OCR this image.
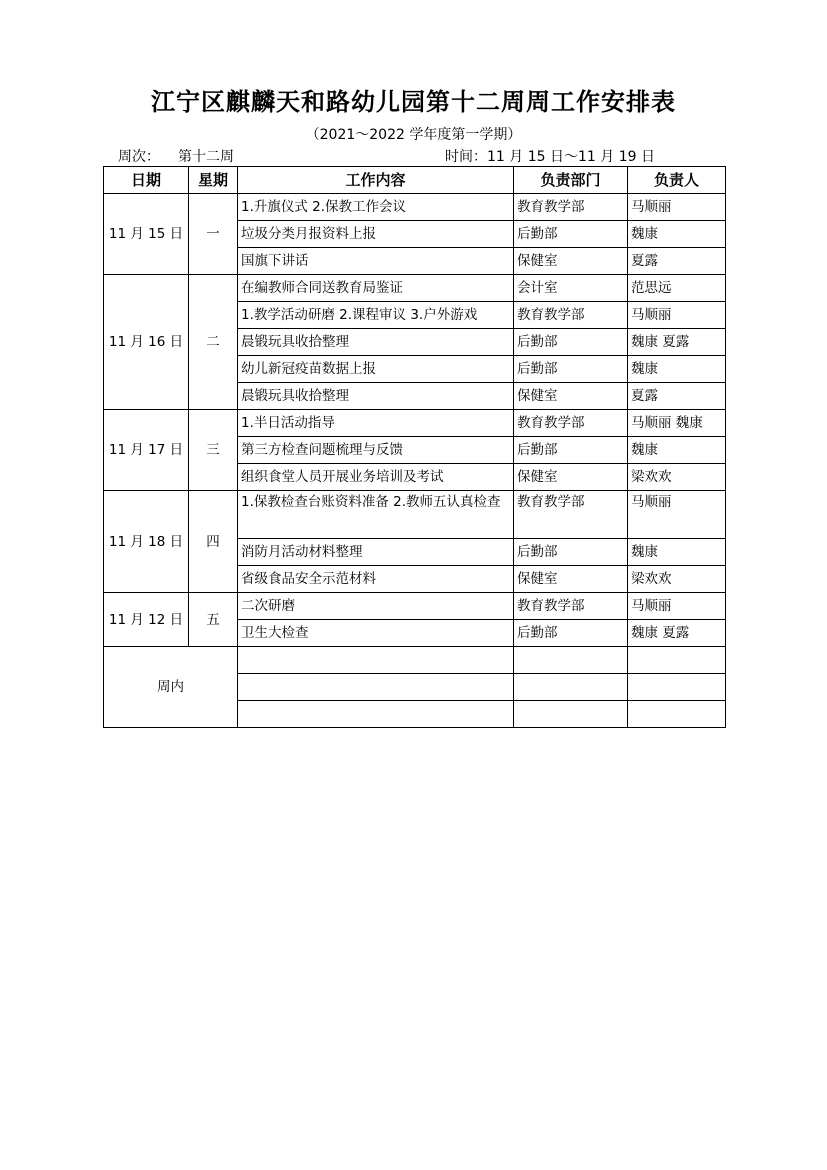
江宁区麒麟天和路幼儿园第十二周周工作安排表
（2021～2022 学年度第一学期）
周次： 第十二周	时间：11 月 15 日～11 月 19 日
日期	星期	工作内容	负责部门	负责人
11 月 15 日	一	1.升旗仪式 2.保教工作会议	教育教学部	马顺丽
		垃圾分类月报资料上报	后勤部	魏康
		国旗下讲话	保健室	夏露
11 月 16 日	二	在编教师合同送教育局鉴证	会计室	范思远
		1.教学活动研磨 2.课程审议 3.户外游戏	教育教学部	马顺丽
		晨锻玩具收拾整理	后勤部	魏康 夏露
		幼儿新冠疫苗数据上报	后勤部	魏康
		晨锻玩具收拾整理	保健室	夏露
11 月 17 日	三	1.半日活动指导	教育教学部	马顺丽 魏康
		第三方检查问题梳理与反馈	后勤部	魏康
		组织食堂人员开展业务培训及考试	保健室	梁欢欢
11 月 18 日	四	1.保教检查台账资料准备 2.教师五认真检查	教育教学部	马顺丽
		消防月活动材料整理	后勤部	魏康
		省级食品安全示范材料	保健室	梁欢欢
11 月 12 日	五	二次研磨	教育教学部	马顺丽
		卫生大检查	后勤部	魏康 夏露
周内				
